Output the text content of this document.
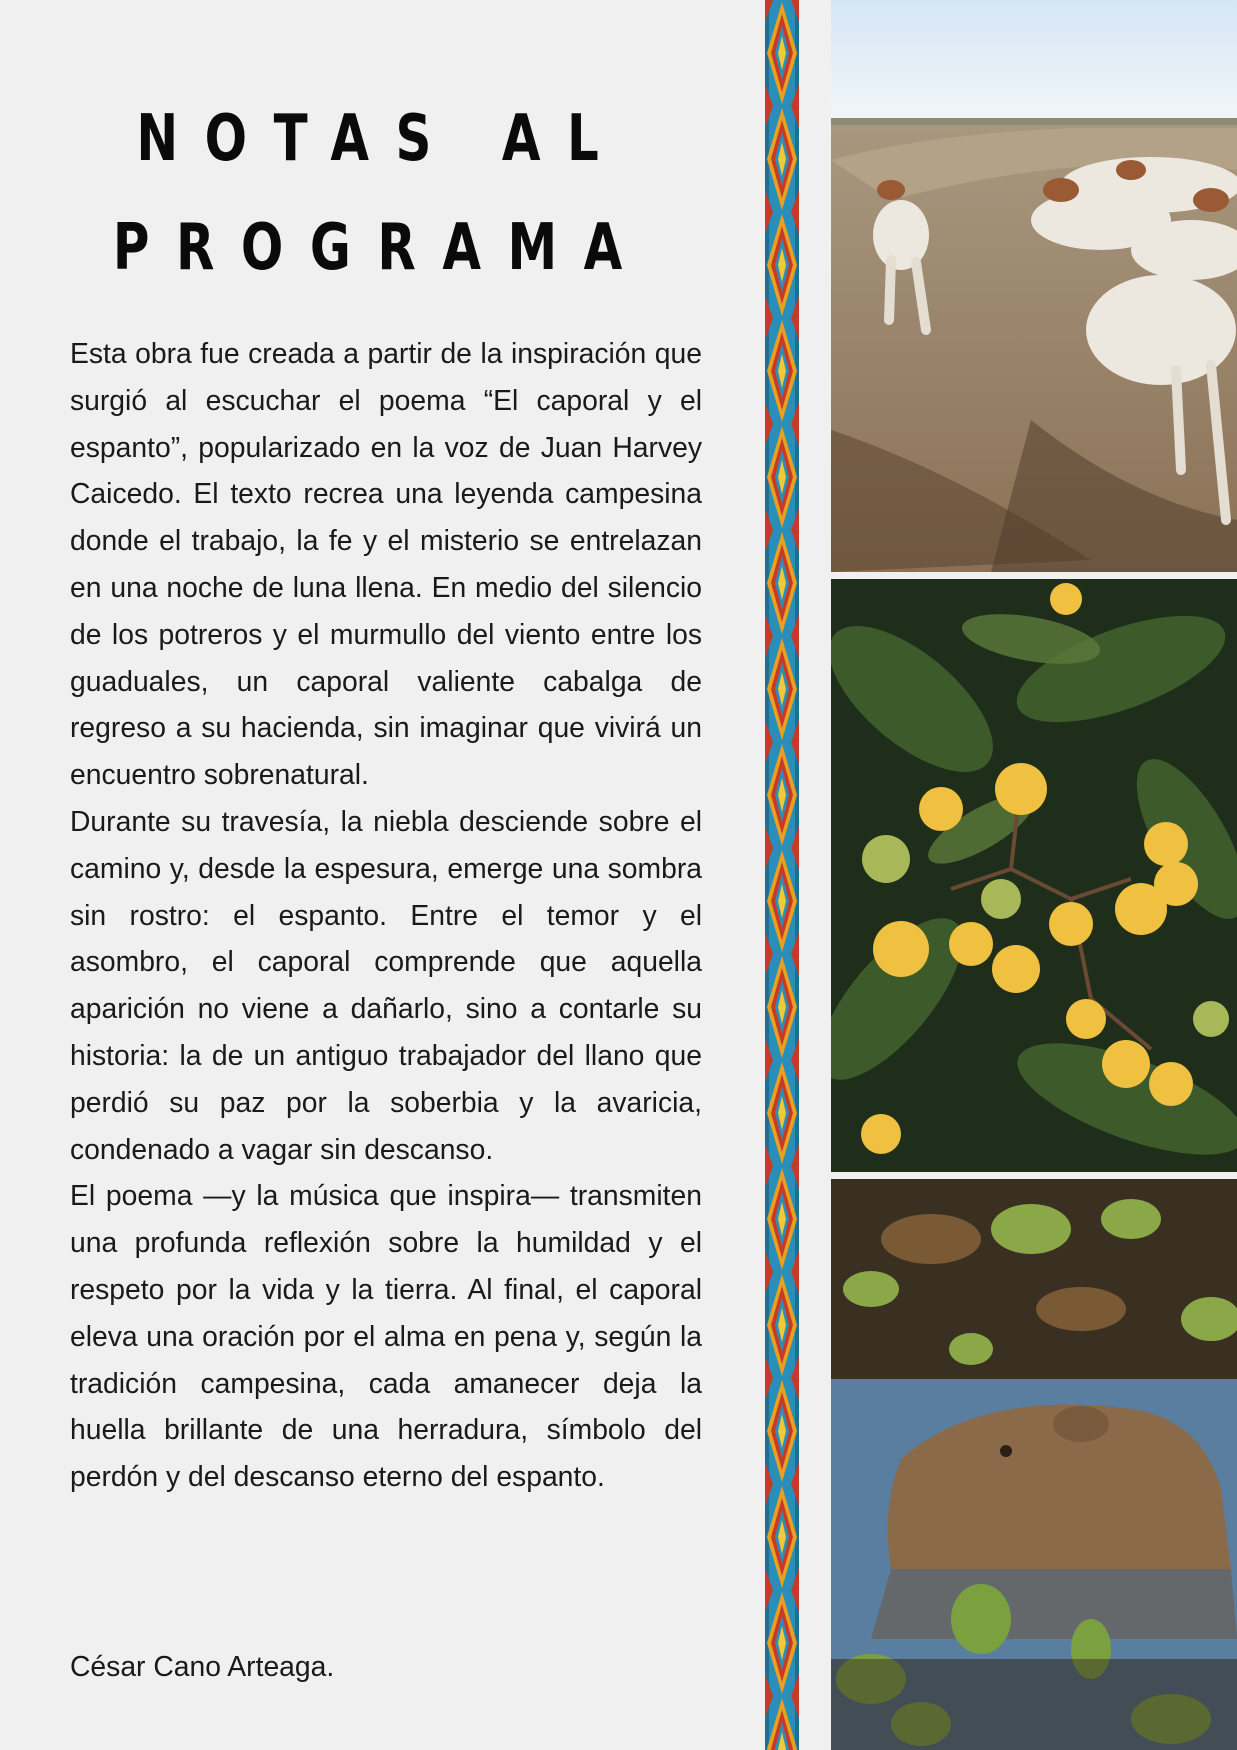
NOTAS AL
PROGRAMA

Esta obra fue creada a partir de la inspiración que surgió al escuchar el poema “El caporal y el espanto”, popularizado en la voz de Juan Harvey Caicedo. El texto recrea una leyenda campesina donde el trabajo, la fe y el misterio se entrelazan en una noche de luna llena. En medio del silencio de los potreros y el murmullo del viento entre los guaduales, un caporal valiente cabalga de regreso a su hacienda, sin imaginar que vivirá un encuentro sobrenatural.

Durante su travesía, la niebla desciende sobre el camino y, desde la espesura, emerge una sombra sin rostro: el espanto. Entre el temor y el asombro, el caporal comprende que aquella aparición no viene a dañarlo, sino a contarle su historia: la de un antiguo trabajador del llano que perdió su paz por la soberbia y la avaricia, condenado a vagar sin descanso.

El poema —y la música que inspira— transmiten una profunda reflexión sobre la humildad y el respeto por la vida y la tierra. Al final, el caporal eleva una oración por el alma en pena y, según la tradición campesina, cada amanecer deja la huella brillante de una herradura, símbolo del perdón y del descanso eterno del espanto.

César Cano Arteaga.
